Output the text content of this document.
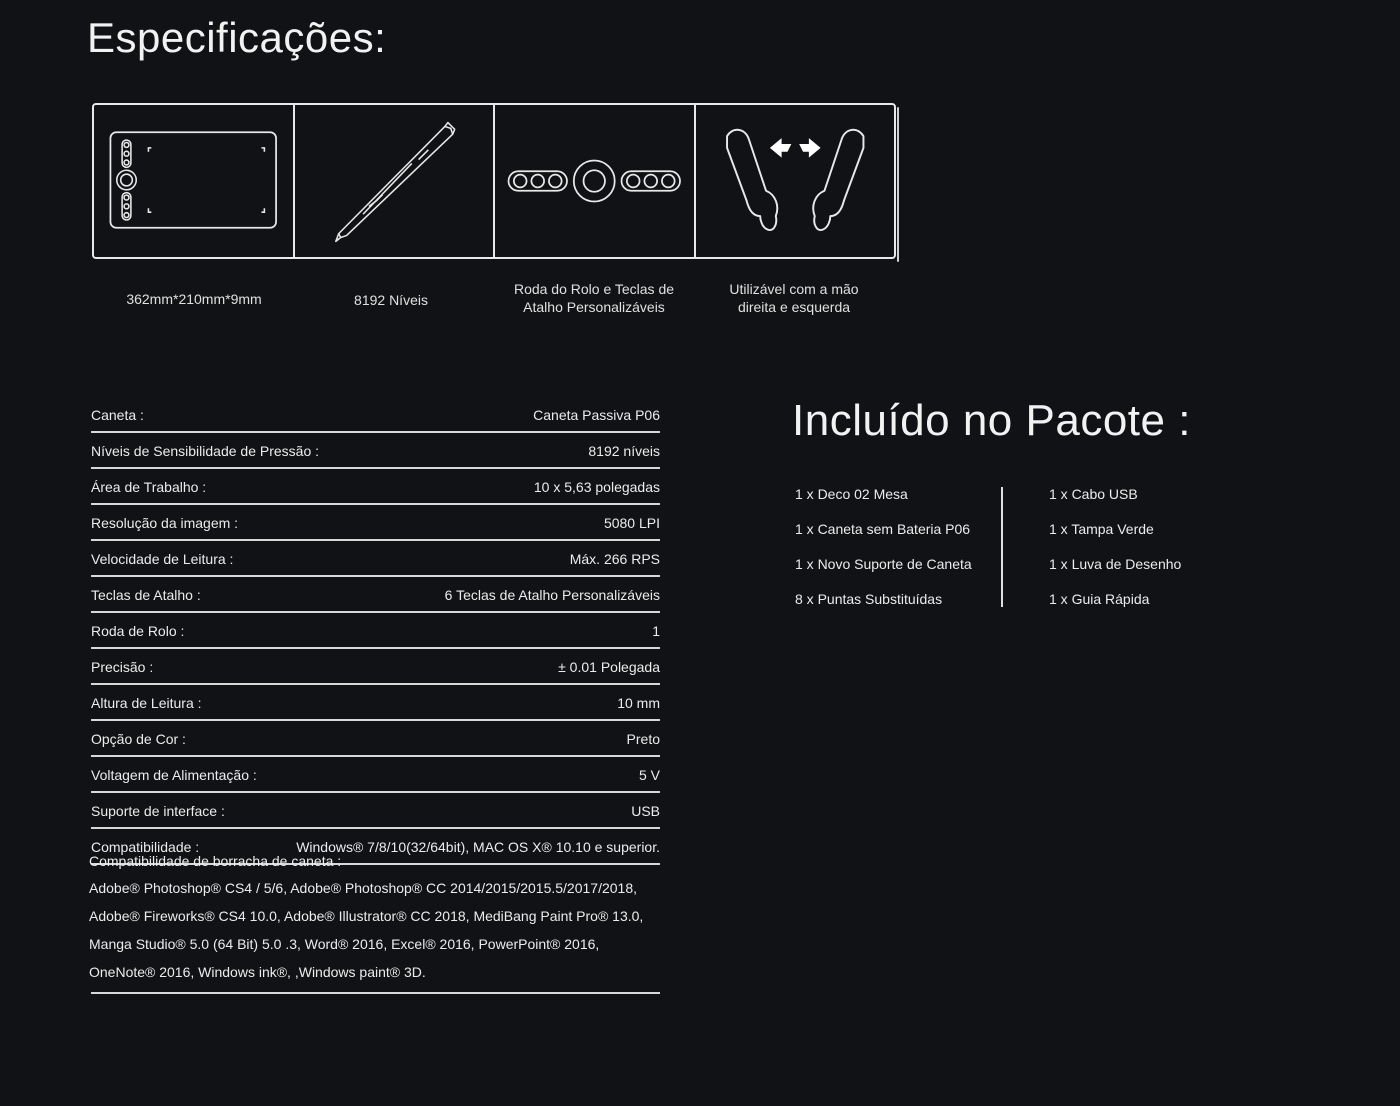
Especificações:
362mm*210mm*9mm	8192 Níveis
Roda do Rolo e Teclas de
Atalho Personalizáveis
Utilizável com a mão
direita e esquerda
Caneta :	Caneta Passiva P06
Níveis de Sensibilidade de Pressão :	8192 níveis
Área de Trabalho :	10 x 5,63 polegadas
Resolução da imagem :	5080 LPI
Velocidade de Leitura :	Máx. 266 RPS
Teclas de Atalho :	6 Teclas de Atalho Personalizáveis
Roda de Rolo :	1
Precisão :	± 0.01 Polegada
Altura de Leitura :	10 mm
Opção de Cor :	Preto
Voltagem de Alimentação :	5 V
Suporte de interface :	USB
Compatibilidade :	Windows® 7/8/10(32/64bit), MAC OS X® 10.10 e superior.
Compatibilidade de borracha de caneta :
Adobe® Photoshop® CS4 / 5/6, Adobe® Photoshop® CC 2014/2015/2015.5/2017/2018,
Adobe® Fireworks® CS4 10.0, Adobe® Illustrator® CC 2018, MediBang Paint Pro® 13.0,
Manga Studio® 5.0 (64 Bit) 5.0 .3, Word® 2016, Excel® 2016, PowerPoint® 2016,
OneNote® 2016, Windows ink®, ,Windows paint® 3D.
Incluído no Pacote :
1 x Deco 02 Mesa
1 x Caneta sem Bateria P06
1 x Novo Suporte de Caneta
8 x Puntas Substituídas
1 x Cabo USB
1 x Tampa Verde
1 x Luva de Desenho
1 x Guia Rápida
